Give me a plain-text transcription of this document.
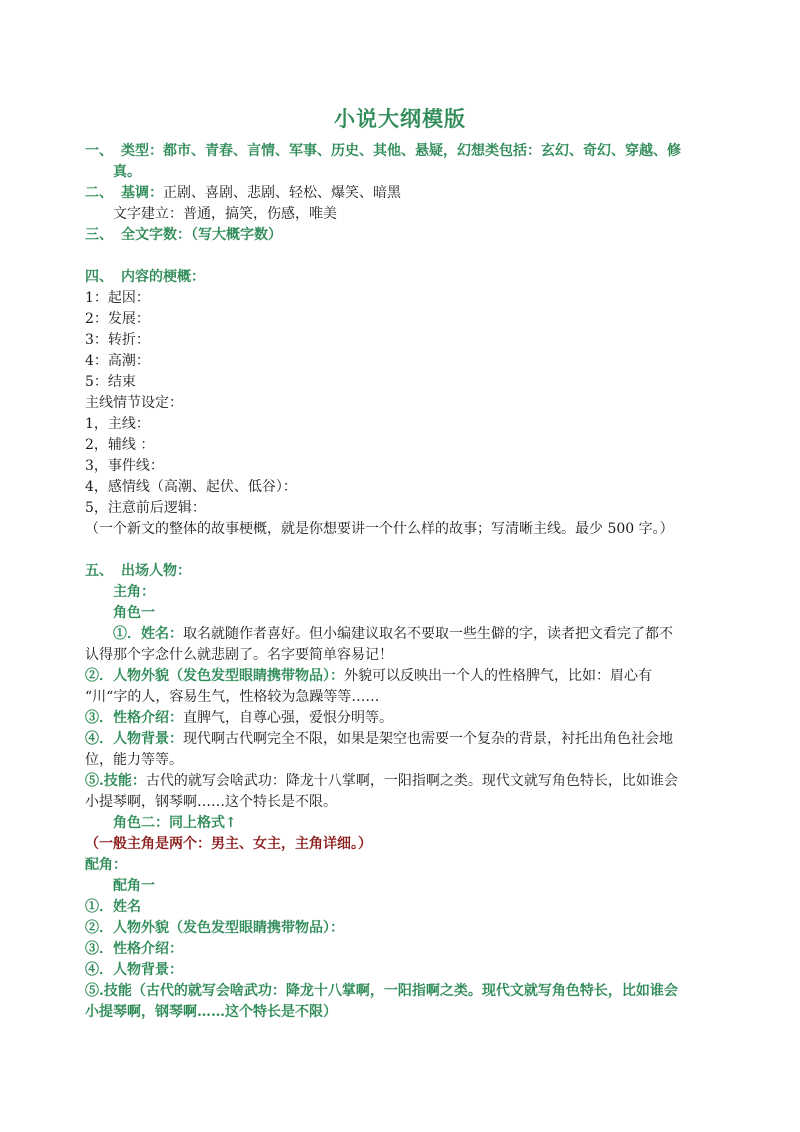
小说大纲模版
一、 类型：都市、青春、言情、军事、历史、其他、悬疑，幻想类包括：玄幻、奇幻、穿越、修
真。
二、 基调：正剧、喜剧、悲剧、轻松、爆笑、暗黑
文字建立：普通，搞笑，伤感，唯美
三、 全文字数：（写大概字数）
四、 内容的梗概：
1：起因：
2：发展：
3：转折：
4：高潮：
5：结束
主线情节设定：
1，主线：
2，辅线 ：
3，事件线：
4，感情线（高潮、起伏、低谷）：
5，注意前后逻辑：
（一个新文的整体的故事梗概，就是你想要讲一个什么样的故事；写清晰主线。最少 500 字。）
五、 出场人物：
主角：
角色一
①．姓名：取名就随作者喜好。但小编建议取名不要取一些生僻的字，读者把文看完了都不
认得那个字念什么就悲剧了。名字要简单容易记！
②．人物外貌（发色发型眼睛携带物品）：外貌可以反映出一个人的性格脾气，比如：眉心有
“川“字的人，容易生气，性格较为急躁等等……
③．性格介绍：直脾气，自尊心强，爱恨分明等。
④．人物背景：现代啊古代啊完全不限，如果是架空也需要一个复杂的背景，衬托出角色社会地
位，能力等等。
⑤.技能：古代的就写会啥武功：降龙十八掌啊，一阳指啊之类。现代文就写角色特长，比如谁会
小提琴啊，钢琴啊……这个特长是不限。
角色二：同上格式↑
（一般主角是两个：男主、女主，主角详细。）
配角：
配角一
①．姓名
②．人物外貌（发色发型眼睛携带物品）：
③．性格介绍：
④．人物背景：
⑤.技能（古代的就写会啥武功：降龙十八掌啊，一阳指啊之类。现代文就写角色特长，比如谁会
小提琴啊，钢琴啊……这个特长是不限）
